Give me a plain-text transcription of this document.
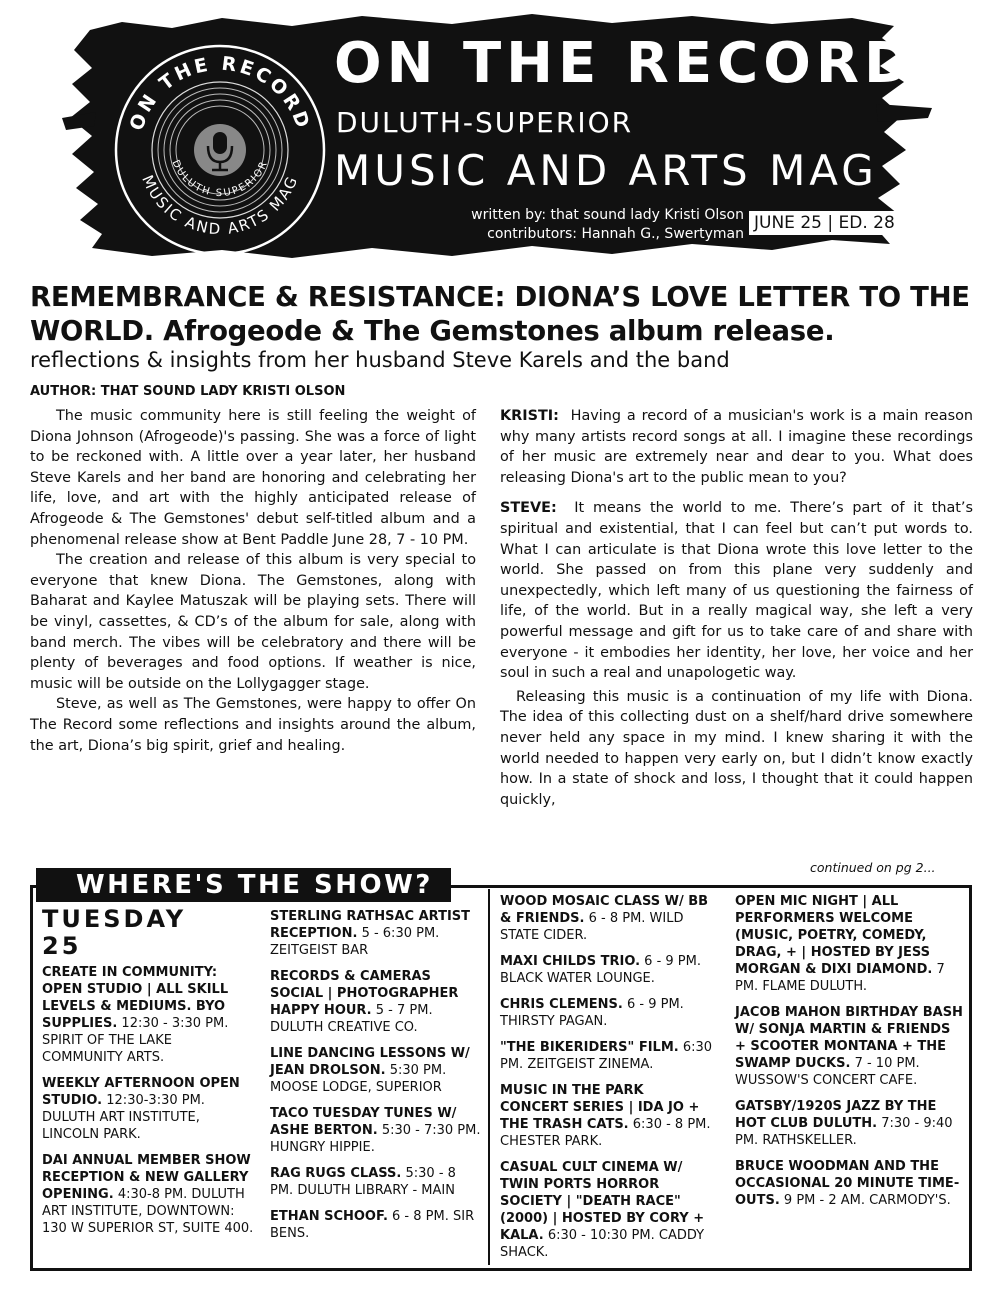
ON THE RECORD
DULUTH SUPERIOR
MUSIC AND ARTS MAG
ON THE RECORD
DULUTH-SUPERIOR
MUSIC AND ARTS MAG
written by: that sound lady Kristi Olson
contributors: Hannah G., Swertyman
JUNE 25 | ED. 28
REMEMBRANCE & RESISTANCE: DIONA’S LOVE LETTER TO THE WORLD. Afrogeode & The Gemstones album release.
reflections & insights from her husband Steve Karels and the band
AUTHOR: THAT SOUND LADY KRISTI OLSON

The music community here is still feeling the weight of Diona Johnson (Afrogeode)'s passing. She was a force of light to be reckoned with. A little over a year later, her husband Steve Karels and her band are honoring and celebrating her life, love, and art with the highly anticipated release of Afrogeode & The Gemstones' debut self-titled album and a phenomenal release show at Bent Paddle June 28, 7 - 10 PM.

The creation and release of this album is very special to everyone that knew Diona. The Gemstones, along with Baharat and Kaylee Matuszak will be playing sets. There will be vinyl, cassettes, & CD’s of the album for sale, along with band merch. The vibes will be celebratory and there will be plenty of beverages and food options. If weather is nice, music will be outside on the Lollygagger stage.

Steve, as well as The Gemstones, were happy to offer On The Record some reflections and insights around the album, the art, Diona’s big spirit, grief and healing.

KRISTI: Having a record of a musician's work is a main reason why many artists record songs at all. I imagine these recordings of her music are extremely near and dear to you. What does releasing Diona's art to the public mean to you?

STEVE: It means the world to me. There’s part of it that’s spiritual and existential, that I can feel but can’t put words to. What I can articulate is that Diona wrote this love letter to the world. She passed on from this plane very suddenly and unexpectedly, which left many of us questioning the fairness of life, of the world. But in a really magical way, she left a very powerful message and gift for us to take care of and share with everyone - it embodies her identity, her love, her voice and her soul in such a real and unapologetic way.

Releasing this music is a continuation of my life with Diona. The idea of this collecting dust on a shelf/hard drive somewhere never held any space in my mind. I knew sharing it with the world needed to happen very early on, but I didn’t know exactly how. In a state of shock and loss, I thought that it could happen quickly,

continued on pg 2...
WHERE'S THE SHOW?
TUESDAY
25
CREATE IN COMMUNITY: OPEN STUDIO | ALL SKILL LEVELS & MEDIUMS. BYO SUPPLIES. 12:30 - 3:30 PM. SPIRIT OF THE LAKE COMMUNITY ARTS.
WEEKLY AFTERNOON OPEN STUDIO. 12:30-3:30 PM. DULUTH ART INSTITUTE, LINCOLN PARK.
DAI ANNUAL MEMBER SHOW RECEPTION & NEW GALLERY OPENING. 4:30-8 PM. DULUTH ART INSTITUTE, DOWNTOWN: 130 W SUPERIOR ST, SUITE 400.
STERLING RATHSAC ARTIST RECEPTION. 5 - 6:30 PM. ZEITGEIST BAR
RECORDS & CAMERAS SOCIAL | PHOTOGRAPHER HAPPY HOUR. 5 - 7 PM. DULUTH CREATIVE CO.
LINE DANCING LESSONS W/ JEAN DROLSON. 5:30 PM. MOOSE LODGE, SUPERIOR
TACO TUESDAY TUNES W/ ASHE BERTON. 5:30 - 7:30 PM. HUNGRY HIPPIE.
RAG RUGS CLASS. 5:30 - 8 PM. DULUTH LIBRARY - MAIN
ETHAN SCHOOF. 6 - 8 PM. SIR BENS.
WOOD MOSAIC CLASS W/ BB & FRIENDS. 6 - 8 PM. WILD STATE CIDER.
MAXI CHILDS TRIO. 6 - 9 PM. BLACK WATER LOUNGE.
CHRIS CLEMENS. 6 - 9 PM. THIRSTY PAGAN.
"THE BIKERIDERS" FILM. 6:30 PM. ZEITGEIST ZINEMA.
MUSIC IN THE PARK CONCERT SERIES | IDA JO + THE TRASH CATS. 6:30 - 8 PM. CHESTER PARK.
CASUAL CULT CINEMA W/ TWIN PORTS HORROR SOCIETY | "DEATH RACE" (2000) | HOSTED BY CORY + KALA. 6:30 - 10:30 PM. CADDY SHACK.
OPEN MIC NIGHT | ALL PERFORMERS WELCOME (MUSIC, POETRY, COMEDY, DRAG, + | HOSTED BY JESS MORGAN & DIXI DIAMOND. 7 PM. FLAME DULUTH.
JACOB MAHON BIRTHDAY BASH W/ SONJA MARTIN & FRIENDS + SCOOTER MONTANA + THE SWAMP DUCKS. 7 - 10 PM. WUSSOW'S CONCERT CAFE.
GATSBY/1920S JAZZ BY THE HOT CLUB DULUTH. 7:30 - 9:40 PM. RATHSKELLER.
BRUCE WOODMAN AND THE OCCASIONAL 20 MINUTE TIME-OUTS. 9 PM - 2 AM. CARMODY'S.
